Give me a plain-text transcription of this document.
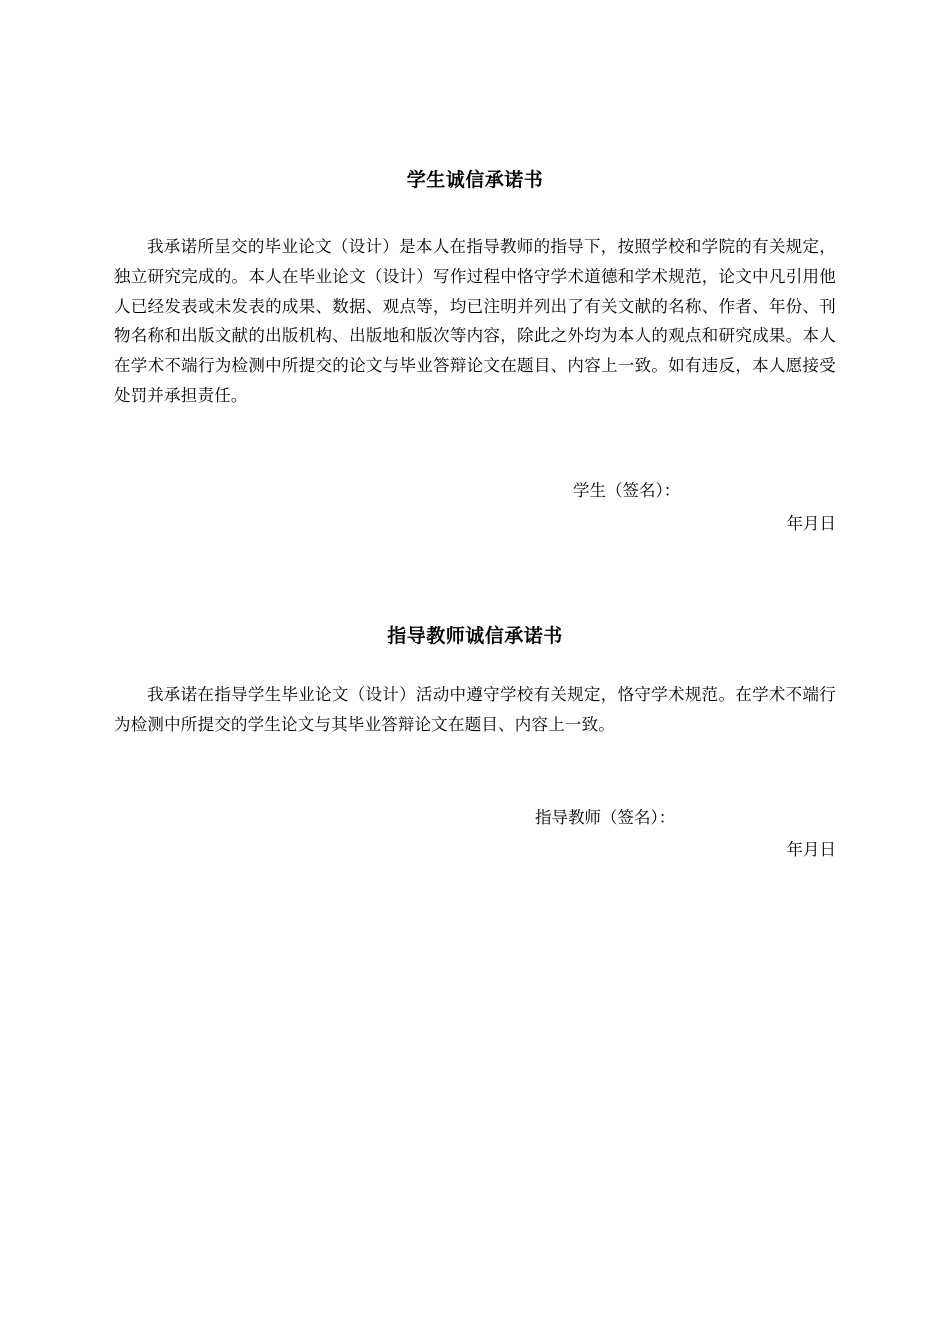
学生诚信承诺书

我承诺所呈交的毕业论文（设计）是本人在指导教师的指导下，按照学校和学院的有关规定，独立研究完成的。本人在毕业论文（设计）写作过程中恪守学术道德和学术规范，论文中凡引用他人已经发表或未发表的成果、数据、观点等，均已注明并列出了有关文献的名称、作者、年份、刊物名称和出版文献的出版机构、出版地和版次等内容，除此之外均为本人的观点和研究成果。本人在学术不端行为检测中所提交的论文与毕业答辩论文在题目、内容上一致。如有违反，本人愿接受处罚并承担责任。

学生（签名）：
年月日
指导教师诚信承诺书

我承诺在指导学生毕业论文（设计）活动中遵守学校有关规定，恪守学术规范。在学术不端行为检测中所提交的学生论文与其毕业答辩论文在题目、内容上一致。

指导教师（签名）：
年月日
